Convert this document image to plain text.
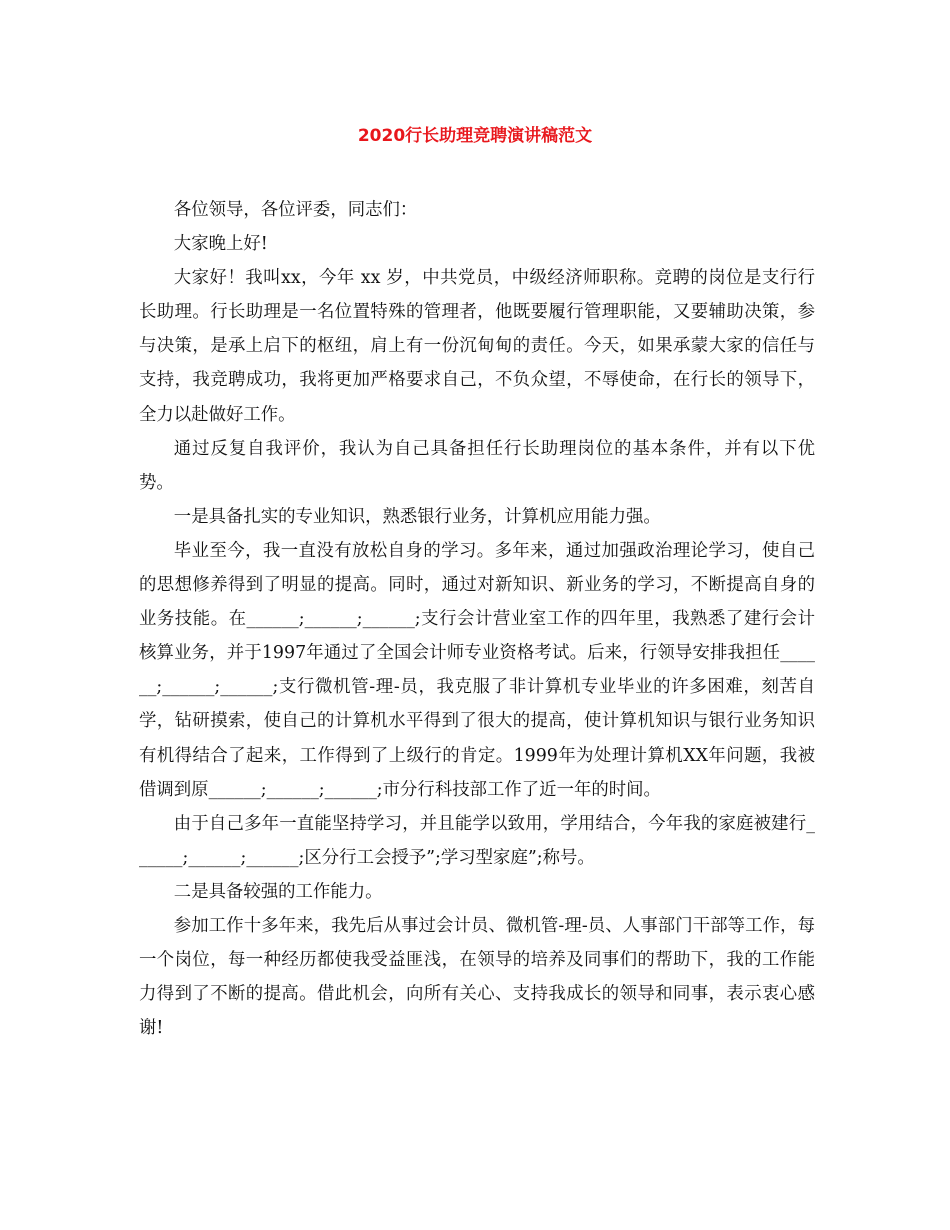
2020行长助理竞聘演讲稿范文

各位领导，各位评委，同志们：

大家晚上好!

大家好！我叫xx，今年 xx 岁，中共党员，中级经济师职称。竞聘的岗位是支行行长助理。行长助理是一名位置特殊的管理者，他既要履行管理职能，又要辅助决策，参与决策，是承上启下的枢纽，肩上有一份沉甸甸的责任。今天，如果承蒙大家的信任与支持，我竞聘成功，我将更加严格要求自己，不负众望，不辱使命，在行长的领导下，全力以赴做好工作。

通过反复自我评价，我认为自己具备担任行长助理岗位的基本条件，并有以下优势。

一是具备扎实的专业知识，熟悉银行业务，计算机应用能力强。

毕业至今，我一直没有放松自身的学习。多年来，通过加强政治理论学习，使自己的思想修养得到了明显的提高。同时，通过对新知识、新业务的学习，不断提高自身的业务技能。在______;______;______;支行会计营业室工作的四年里，我熟悉了建行会计核算业务，并于1997年通过了全国会计师专业资格考试。后来，行领导安排我担任______;______;______;支行微机管-理-员，我克服了非计算机专业毕业的许多困难，刻苦自学，钻研摸索，使自己的计算机水平得到了很大的提高，使计算机知识与银行业务知识有机得结合了起来，工作得到了上级行的肯定。1999年为处理计算机XX年问题，我被借调到原______;______;______;市分行科技部工作了近一年的时间。

由于自己多年一直能坚持学习，并且能学以致用，学用结合，今年我的家庭被建行______;______;______;区分行工会授予”;学习型家庭”;称号。

二是具备较强的工作能力。

参加工作十多年来，我先后从事过会计员、微机管-理-员、人事部门干部等工作，每一个岗位，每一种经历都使我受益匪浅，在领导的培养及同事们的帮助下，我的工作能力得到了不断的提高。借此机会，向所有关心、支持我成长的领导和同事，表示衷心感谢!
